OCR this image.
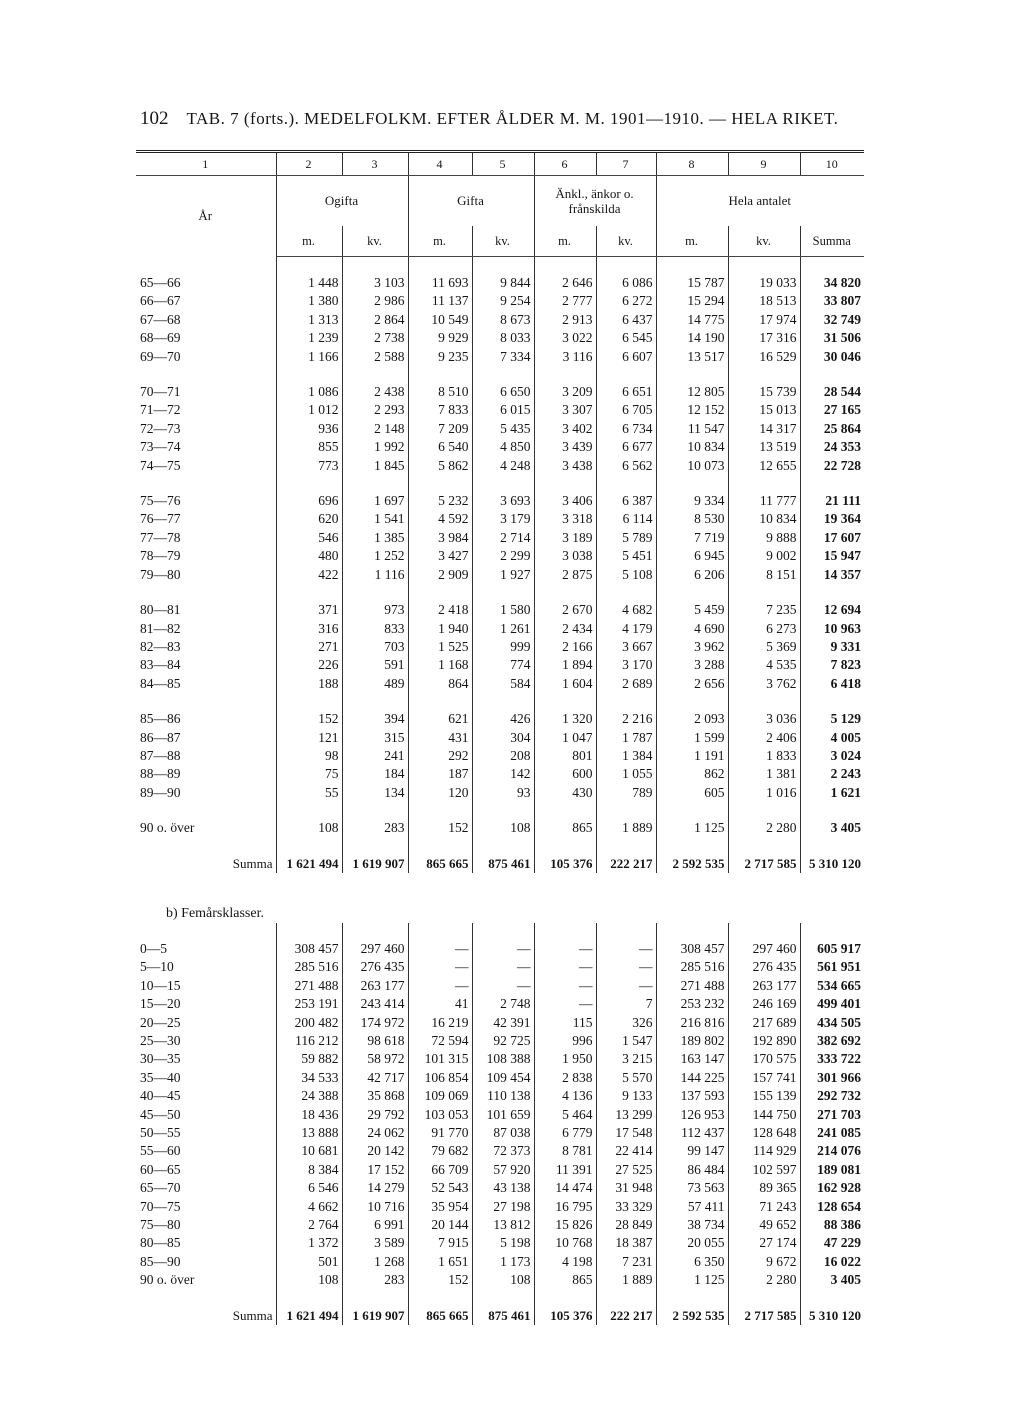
102 TAB. 7 (forts.). MEDELFOLKM. EFTER ÅLDER M. M. 1901—1910. — HELA RIKET.
1	2	3	4	5	6	7	8	9	10
År	Ogifta		Gifta		Änkl., änkor o. frånskilda		Hela antalet		
	m.	kv.	m.	kv.	m.	kv.	m.	kv.	Summa

65—66	1 448	3 103	11 693	9 844	2 646	6 086	15 787	19 033	34 820
66—67	1 380	2 986	11 137	9 254	2 777	6 272	15 294	18 513	33 807
67—68	1 313	2 864	10 549	8 673	2 913	6 437	14 775	17 974	32 749
68—69	1 239	2 738	9 929	8 033	3 022	6 545	14 190	17 316	31 506
69—70	1 166	2 588	9 235	7 334	3 116	6 607	13 517	16 529	30 046

70—71	1 086	2 438	8 510	6 650	3 209	6 651	12 805	15 739	28 544
71—72	1 012	2 293	7 833	6 015	3 307	6 705	12 152	15 013	27 165
72—73	936	2 148	7 209	5 435	3 402	6 734	11 547	14 317	25 864
73—74	855	1 992	6 540	4 850	3 439	6 677	10 834	13 519	24 353
74—75	773	1 845	5 862	4 248	3 438	6 562	10 073	12 655	22 728

75—76	696	1 697	5 232	3 693	3 406	6 387	9 334	11 777	21 111
76—77	620	1 541	4 592	3 179	3 318	6 114	8 530	10 834	19 364
77—78	546	1 385	3 984	2 714	3 189	5 789	7 719	9 888	17 607
78—79	480	1 252	3 427	2 299	3 038	5 451	6 945	9 002	15 947
79—80	422	1 116	2 909	1 927	2 875	5 108	6 206	8 151	14 357

80—81	371	973	2 418	1 580	2 670	4 682	5 459	7 235	12 694
81—82	316	833	1 940	1 261	2 434	4 179	4 690	6 273	10 963
82—83	271	703	1 525	999	2 166	3 667	3 962	5 369	9 331
83—84	226	591	1 168	774	1 894	3 170	3 288	4 535	7 823
84—85	188	489	864	584	1 604	2 689	2 656	3 762	6 418

85—86	152	394	621	426	1 320	2 216	2 093	3 036	5 129
86—87	121	315	431	304	1 047	1 787	1 599	2 406	4 005
87—88	98	241	292	208	801	1 384	1 191	1 833	3 024
88—89	75	184	187	142	600	1 055	862	1 381	2 243
89—90	55	134	120	93	430	789	605	1 016	1 621

90 o. över	108	283	152	108	865	1 889	1 125	2 280	3 405

Summa	1 621 494	1 619 907	865 665	875 461	105 376	222 217	2 592 535	2 717 585	5 310 120
b) Femårsklasser.									

0—5	308 457	297 460	—	—	—	—	308 457	297 460	605 917
5—10	285 516	276 435	—	—	—	—	285 516	276 435	561 951
10—15	271 488	263 177	—	—	—	—	271 488	263 177	534 665
15—20	253 191	243 414	41	2 748	—	7	253 232	246 169	499 401
20—25	200 482	174 972	16 219	42 391	115	326	216 816	217 689	434 505
25—30	116 212	98 618	72 594	92 725	996	1 547	189 802	192 890	382 692
30—35	59 882	58 972	101 315	108 388	1 950	3 215	163 147	170 575	333 722
35—40	34 533	42 717	106 854	109 454	2 838	5 570	144 225	157 741	301 966
40—45	24 388	35 868	109 069	110 138	4 136	9 133	137 593	155 139	292 732
45—50	18 436	29 792	103 053	101 659	5 464	13 299	126 953	144 750	271 703
50—55	13 888	24 062	91 770	87 038	6 779	17 548	112 437	128 648	241 085
55—60	10 681	20 142	79 682	72 373	8 781	22 414	99 147	114 929	214 076
60—65	8 384	17 152	66 709	57 920	11 391	27 525	86 484	102 597	189 081
65—70	6 546	14 279	52 543	43 138	14 474	31 948	73 563	89 365	162 928
70—75	4 662	10 716	35 954	27 198	16 795	33 329	57 411	71 243	128 654
75—80	2 764	6 991	20 144	13 812	15 826	28 849	38 734	49 652	88 386
80—85	1 372	3 589	7 915	5 198	10 768	18 387	20 055	27 174	47 229
85—90	501	1 268	1 651	1 173	4 198	7 231	6 350	9 672	16 022
90 o. över	108	283	152	108	865	1 889	1 125	2 280	3 405

Summa	1 621 494	1 619 907	865 665	875 461	105 376	222 217	2 592 535	2 717 585	5 310 120
